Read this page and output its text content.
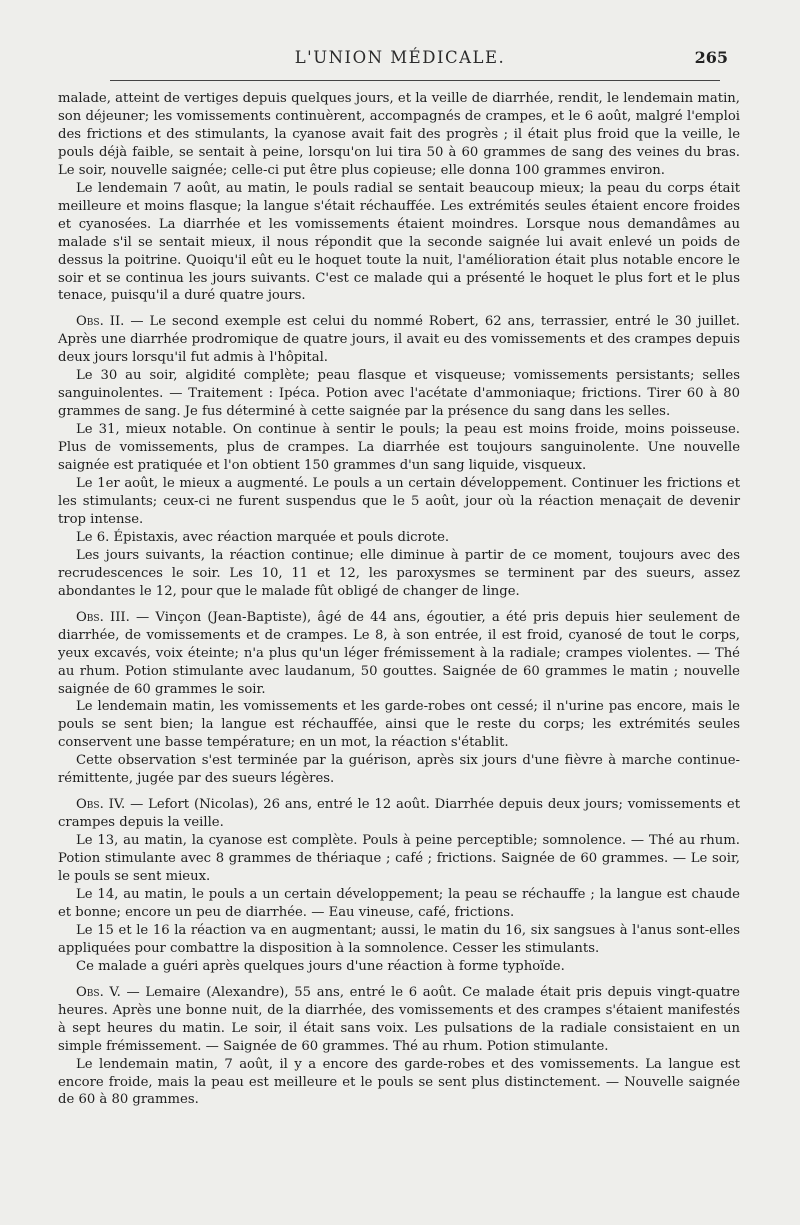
L'UNION MÉDICALE.	265

malade, atteint de vertiges depuis quelques jours, et la veille de diarrhée, rendit, le lendemain matin, son déjeuner; les vomissements continuèrent, accompagnés de crampes, et le 6 août, malgré l'emploi des frictions et des stimulants, la cyanose avait fait des progrès ; il était plus froid que la veille, le pouls déjà faible, se sentait à peine, lorsqu'on lui tira 50 à 60 grammes de sang des veines du bras. Le soir, nouvelle saignée; celle-ci put être plus copieuse; elle donna 100 grammes environ.

Le lendemain 7 août, au matin, le pouls radial se sentait beaucoup mieux; la peau du corps était meilleure et moins flasque; la langue s'était réchauffée. Les extrémités seules étaient encore froides et cyanosées. La diarrhée et les vomissements étaient moindres. Lorsque nous demandâmes au malade s'il se sentait mieux, il nous répondit que la seconde saignée lui avait enlevé un poids de dessus la poitrine. Quoiqu'il eût eu le hoquet toute la nuit, l'amélioration était plus notable encore le soir et se continua les jours suivants. C'est ce malade qui a présenté le hoquet le plus fort et le plus tenace, puisqu'il a duré quatre jours.

Obs. II. — Le second exemple est celui du nommé Robert, 62 ans, terrassier, entré le 30 juillet. Après une diarrhée prodromique de quatre jours, il avait eu des vomissements et des crampes depuis deux jours lorsqu'il fut admis à l'hôpital.

Le 30 au soir, algidité complète; peau flasque et visqueuse; vomissements persistants; selles sanguinolentes. — Traitement : Ipéca. Potion avec l'acétate d'ammoniaque; frictions. Tirer 60 à 80 grammes de sang. Je fus déterminé à cette saignée par la présence du sang dans les selles.

Le 31, mieux notable. On continue à sentir le pouls; la peau est moins froide, moins poisseuse. Plus de vomissements, plus de crampes. La diarrhée est toujours sanguinolente. Une nouvelle saignée est pratiquée et l'on obtient 150 grammes d'un sang liquide, visqueux.

Le 1er août, le mieux a augmenté. Le pouls a un certain développement. Continuer les frictions et les stimulants; ceux-ci ne furent suspendus que le 5 août, jour où la réaction menaçait de devenir trop intense.

Le 6. Épistaxis, avec réaction marquée et pouls dicrote.

Les jours suivants, la réaction continue; elle diminue à partir de ce moment, toujours avec des recrudescences le soir. Les 10, 11 et 12, les paroxysmes se terminent par des sueurs, assez abondantes le 12, pour que le malade fût obligé de changer de linge.

Obs. III. — Vinçon (Jean-Baptiste), âgé de 44 ans, égoutier, a été pris depuis hier seulement de diarrhée, de vomissements et de crampes. Le 8, à son entrée, il est froid, cyanosé de tout le corps, yeux excavés, voix éteinte; n'a plus qu'un léger frémissement à la radiale; crampes violentes. — Thé au rhum. Potion stimulante avec laudanum, 50 gouttes. Saignée de 60 grammes le matin ; nouvelle saignée de 60 grammes le soir.

Le lendemain matin, les vomissements et les garde-robes ont cessé; il n'urine pas encore, mais le pouls se sent bien; la langue est réchauffée, ainsi que le reste du corps; les extrémités seules conservent une basse température; en un mot, la réaction s'établit.

Cette observation s'est terminée par la guérison, après six jours d'une fièvre à marche continue-rémittente, jugée par des sueurs légères.

Obs. IV. — Lefort (Nicolas), 26 ans, entré le 12 août. Diarrhée depuis deux jours; vomissements et crampes depuis la veille.

Le 13, au matin, la cyanose est complète. Pouls à peine perceptible; somnolence. — Thé au rhum. Potion stimulante avec 8 grammes de thériaque ; café ; frictions. Saignée de 60 grammes. — Le soir, le pouls se sent mieux.

Le 14, au matin, le pouls a un certain développement; la peau se réchauffe ; la langue est chaude et bonne; encore un peu de diarrhée. — Eau vineuse, café, frictions.

Le 15 et le 16 la réaction va en augmentant; aussi, le matin du 16, six sangsues à l'anus sont-elles appliquées pour combattre la disposition à la somnolence. Cesser les stimulants.

Ce malade a guéri après quelques jours d'une réaction à forme typhoïde.

Obs. V. — Lemaire (Alexandre), 55 ans, entré le 6 août. Ce malade était pris depuis vingt-quatre heures. Après une bonne nuit, de la diarrhée, des vomissements et des crampes s'étaient manifestés à sept heures du matin. Le soir, il était sans voix. Les pulsations de la radiale consistaient en un simple frémissement. — Saignée de 60 grammes. Thé au rhum. Potion stimulante.

Le lendemain matin, 7 août, il y a encore des garde-robes et des vomissements. La langue est encore froide, mais la peau est meilleure et le pouls se sent plus distinctement. — Nouvelle saignée de 60 à 80 grammes.
